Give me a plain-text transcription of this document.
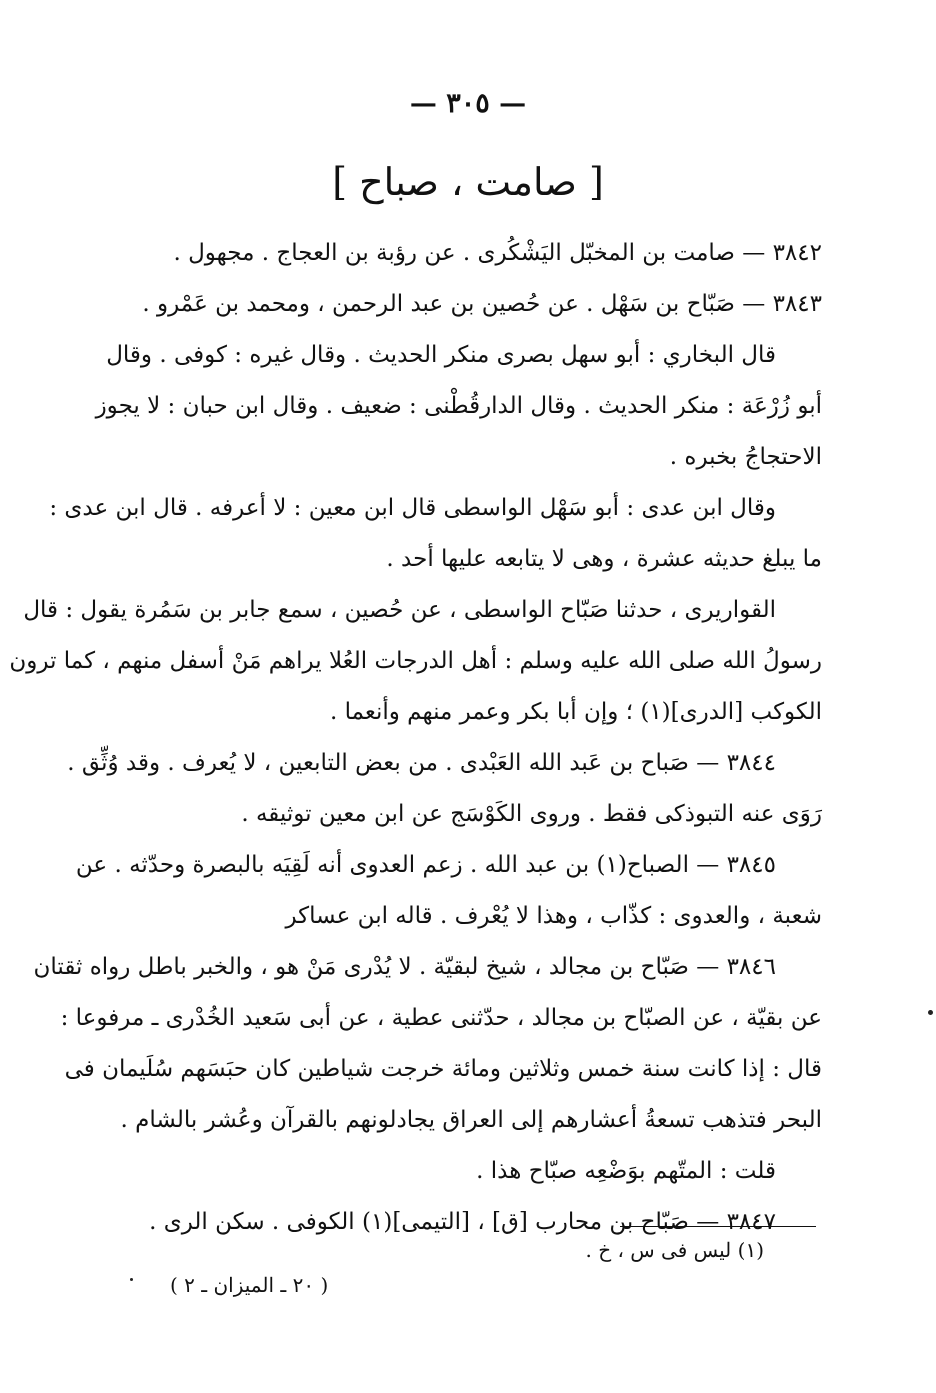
— ٣٠٥ —
[ صامت ، صباح ]
٣٨٤٢ — صامت بن المخبّل اليَشْكُرى . عن رؤبة بن العجاج . مجهول .
٣٨٤٣ — صَبّاح بن سَهْل . عن حُصين بن عبد الرحمن ، ومحمد بن عَمْرو .
قال البخاري : أبو سهل بصرى منكر الحديث . وقال غيره : كوفى . وقال
أبو زُرْعَة : منكر الحديث . وقال الدارقُطْنى : ضعيف . وقال ابن حبان : لا يجوز
الاحتجاجُ بخبره .
وقال ابن عدى : أبو سَهْل الواسطى قال ابن معين : لا أعرفه . قال ابن عدى :
ما يبلغ حديثه عشرة ، وهى لا يتابعه عليها أحد .
القواريرى ، حدثنا صَبّاح الواسطى ، عن حُصين ، سمع جابر بن سَمُرة يقول : قال
رسولُ الله صلى الله عليه وسلم : أهل الدرجات العُلا يراهم مَنْ أسفل منهم ، كما ترون
الكوكب [الدرى](١) ؛ وإن أبا بكر وعمر منهم وأنعما .
٣٨٤٤ — صَباح بن عَبد الله العَبْدى . من بعض التابعين ، لا يُعرف . وقد وُثِّق .
رَوَى عنه التبوذكى فقط . وروى الكَوْسَج عن ابن معين توثيقه .
٣٨٤٥ — الصباح(١) بن عبد الله . زعم العدوى أنه لَقِيَه بالبصرة وحدّثه . عن
شعبة ، والعدوى : كذّاب ، وهذا لا يُعْرف . قاله ابن عساكر
٣٨٤٦ — صَبّاح بن مجالد ، شيخ لبقيّة . لا يُدْرى مَنْ هو ، والخبر باطل رواه ثقتان
عن بقيّة ، عن الصبّاح بن مجالد ، حدّثنى عطية ، عن أبى سَعيد الخُدْرى ـ مرفوعا :
قال : إذا كانت سنة خمس وثلاثين ومائة خرجت شياطين كان حبَسَهم سُلَيمان فى
البحر فتذهب تسعةُ أعشارهم إلى العراق يجادلونهم بالقرآن وعُشر بالشام .
قلت : المتّهم بوَضْعِه صبّاح هذا .
٣٨٤٧ — صَبّاح بن محارب [ق] ، [التيمى](١) الكوفى . سكن الرى .
(١) ليس فى س ، خ .
( ٢٠ ـ الميزان ـ ٢ )
